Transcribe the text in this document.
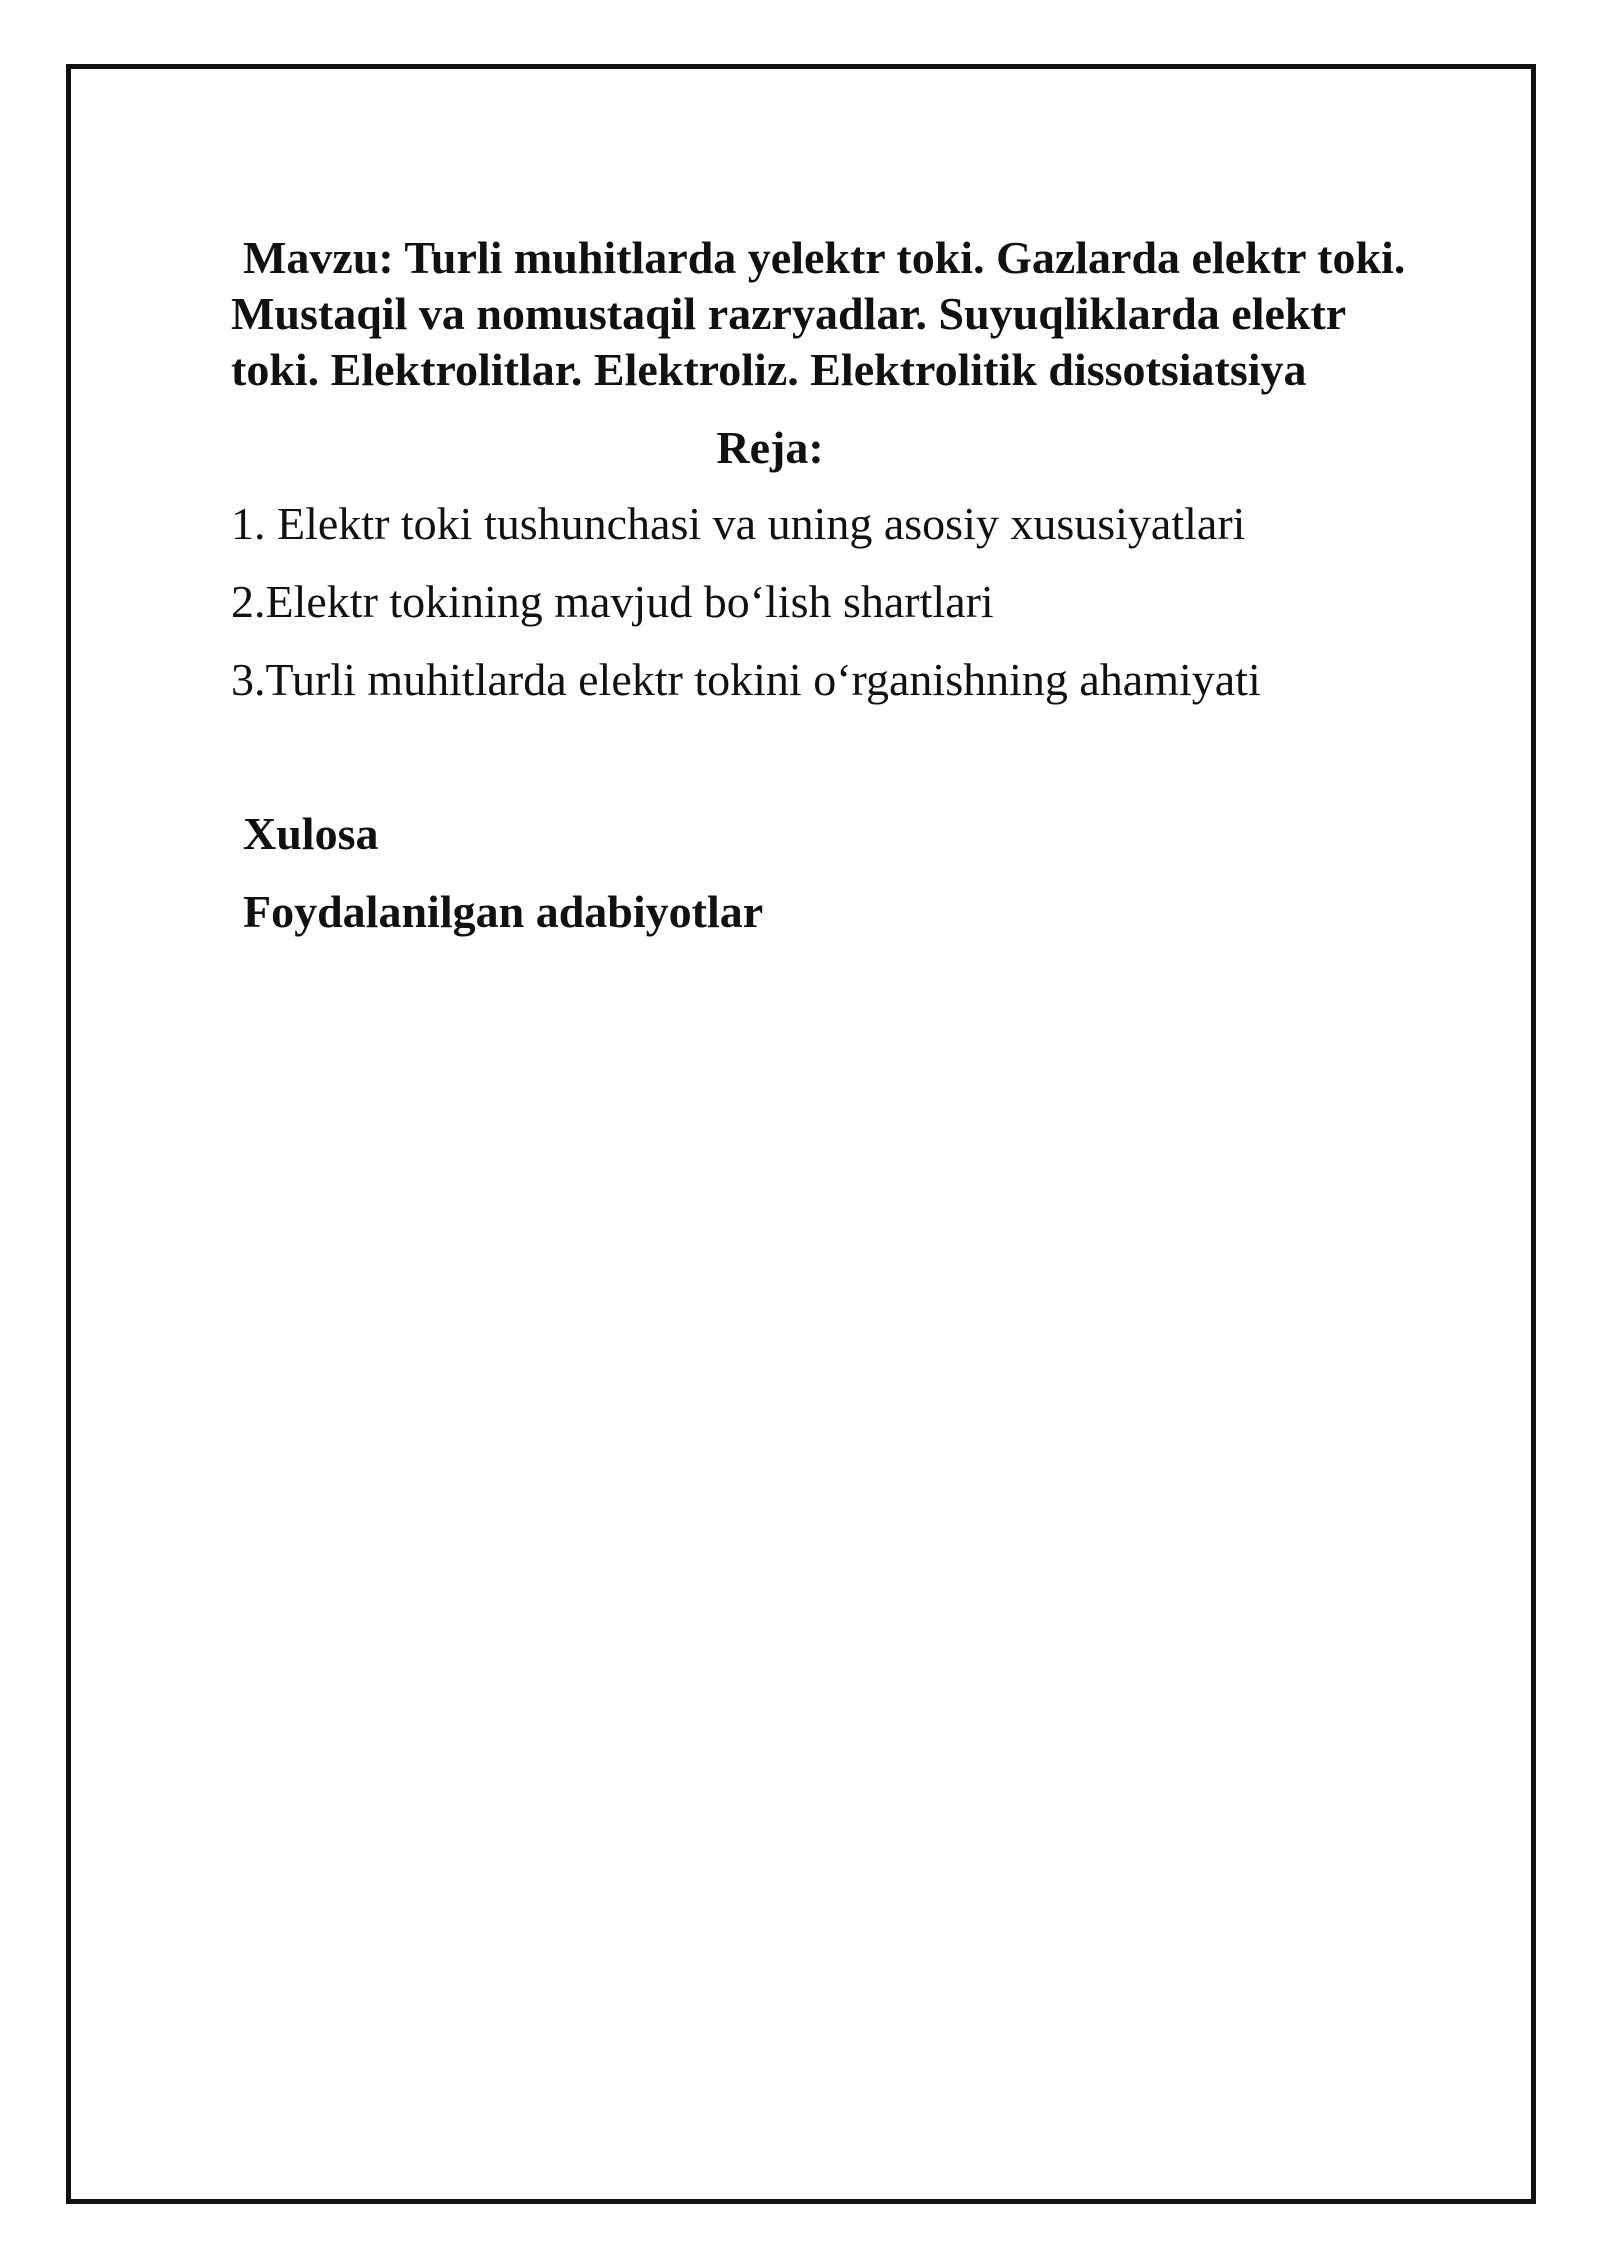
Mavzu: Turli muhitlarda yelektr toki. Gazlarda elektr toki.
Mustaqil va nomustaqil razryadlar. Suyuqliklarda elektr
toki. Elektrolitlar. Elektroliz. Elektrolitik dissotsiatsiya
Reja:
1. Elektr toki tushunchasi va uning asosiy xususiyatlari
2.Elektr tokining mavjud bo‘lish shartlari
3.Turli muhitlarda elektr tokini o‘rganishning ahamiyati
Xulosa
Foydalanilgan adabiyotlar
